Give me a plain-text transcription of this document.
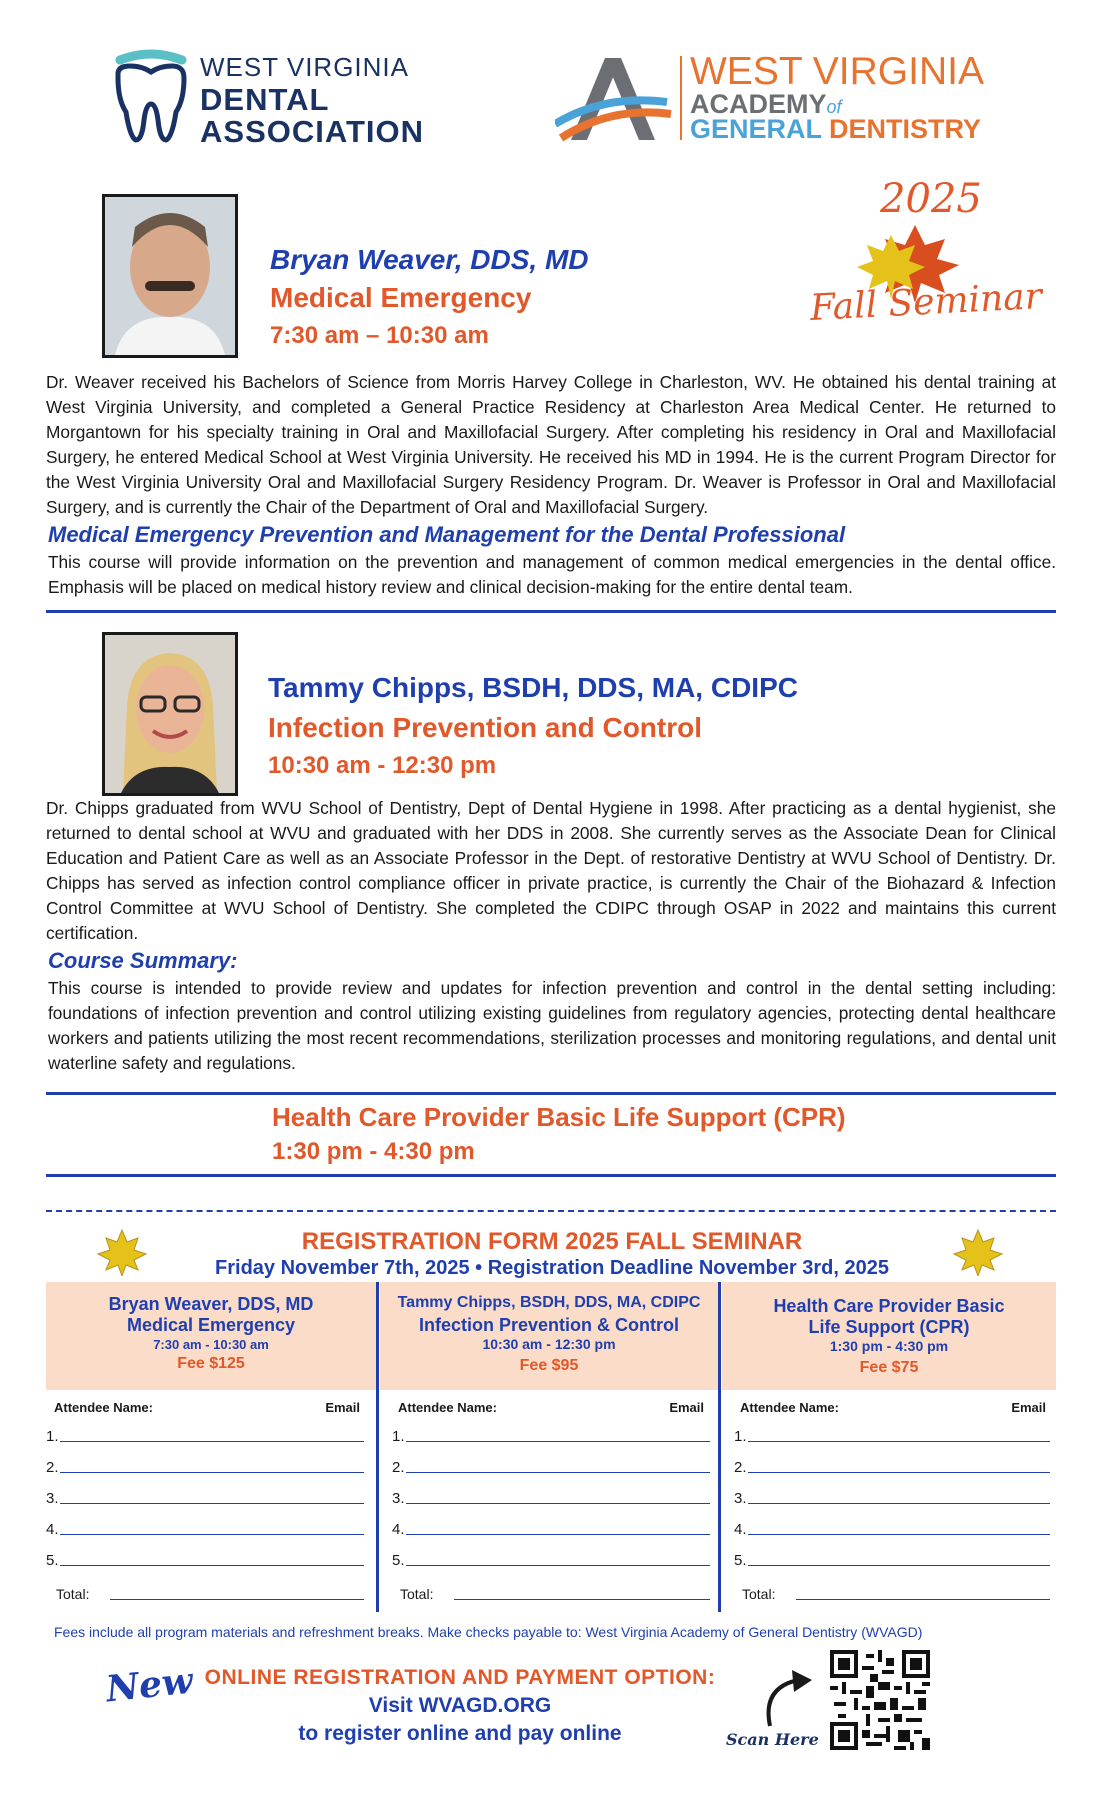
WEST VIRGINIA
DENTAL
ASSOCIATION
WEST VIRGINIA
ACADEMYof
GENERAL DENTISTRY
2025
Fall Seminar
Bryan Weaver, DDS, MD
Medical Emergency
7:30 am – 10:30 am
Dr. Weaver received his Bachelors of Science from Morris Harvey College in Charleston, WV. He obtained his dental training at West Virginia University, and completed a General Practice Residency at Charleston Area Medical Center. He returned to Morgantown for his specialty training in Oral and Maxillofacial Surgery. After completing his residency in Oral and Maxillofacial Surgery, he entered Medical School at West Virginia University. He received his MD in 1994. He is the current Program Director for the West Virginia University Oral and Maxillofacial Surgery Residency Program. Dr. Weaver is Professor in Oral and Maxillofacial Surgery, and is currently the Chair of the Department of Oral and Maxillofacial Surgery.
Medical Emergency Prevention and Management for the Dental Professional
This course will provide information on the prevention and management of common medical emergencies in the dental office. Emphasis will be placed on medical history review and clinical decision-making for the entire dental team.
Tammy Chipps, BSDH, DDS, MA, CDIPC
Infection Prevention and Control
10:30 am - 12:30 pm
Dr. Chipps graduated from WVU School of Dentistry, Dept of Dental Hygiene in 1998. After practicing as a dental hygienist, she returned to dental school at WVU and graduated with her DDS in 2008. She currently serves as the Associate Dean for Clinical Education and Patient Care as well as an Associate Professor in the Dept. of restorative Dentistry at WVU School of Dentistry. Dr. Chipps has served as infection control compliance officer in private practice, is currently the Chair of the Biohazard & Infection Control Committee at WVU School of Dentistry. She completed the CDIPC through OSAP in 2022 and maintains this current certification.
Course Summary:
This course is intended to provide review and updates for infection prevention and control in the dental setting including: foundations of infection prevention and control utilizing existing guidelines from regulatory agencies, protecting dental healthcare workers and patients utilizing the most recent recommendations, sterilization processes and monitoring regulations, and dental unit waterline safety and regulations.
Health Care Provider Basic Life Support (CPR)
1:30 pm - 4:30 pm
REGISTRATION FORM 2025 FALL SEMINAR
Friday November 7th, 2025 • Registration Deadline November 3rd, 2025
Bryan Weaver, DDS, MD
Medical Emergency
7:30 am - 10:30 am
Fee $125
Attendee Name:	Email
1.
2.
3.
4.
5.
Total:
Tammy Chipps, BSDH, DDS, MA, CDIPC
Infection Prevention & Control
10:30 am - 12:30 pm
Fee $95
Attendee Name:	Email
1.
2.
3.
4.
5.
Total:
Health Care Provider Basic
Life Support (CPR)
1:30 pm - 4:30 pm
Fee $75
Attendee Name:	Email
1.
2.
3.
4.
5.
Total:
Fees include all program materials and refreshment breaks. Make checks payable to: West Virginia Academy of General Dentistry (WVAGD)
New ONLINE REGISTRATION AND PAYMENT OPTION:
Visit WVAGD.ORG
to register online and pay online	Scan Here
